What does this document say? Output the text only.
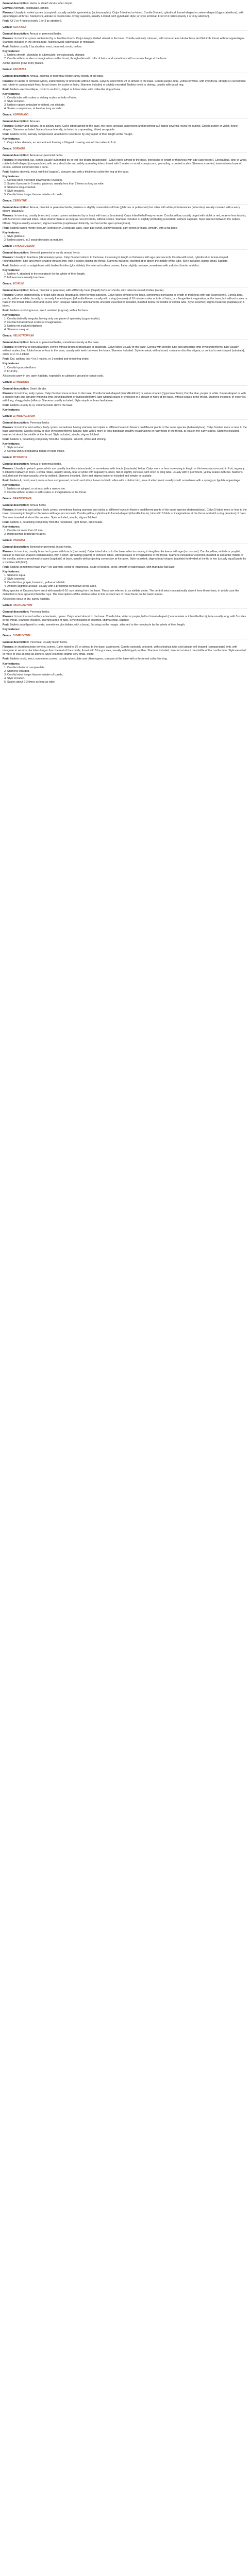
General description: Herbs or dwarf shrubs; often hispid.

Leaves: Alternate, exstipulate, simple.

Flowers: Usually in coiled cymes (scorpioid); usually radially symmetrical (actinomorphic). Calyx 5-toothed or-lobed. Corolla 5-lobed, cylindrical, funnel-shaped or salver-shaped (hypocrateriform), with appendages at throat. Stamens 5, adnate to corolla tube. Ovary superior, usually 4-lobed, with gynobasic style; or style terminal. Fruit of 4 nutlets (rarely 1 or 3 by abortion).

Fruit: Of 2 or 4 nutlets (rarely 1 or 3 by abortion).

Genus: ALKANNA

General description: Annual or perennial herbs.

Flowers: In terminal cymes subtended by or leaf-like bracts. Calyx deeply divided almost to the base. Corolla variously coloured, with more or less tubular base and flat limb; throat without appendages. Stamens included in the corolla tube. Nutlets ovoid, tuberculate or reticulate.

Fruit: Nutlets usually 2 by abortion, erect, incurved, ovoid; hollow.

Key features:
1. Nutlets smooth, glandular to tuberculate, conspicuously stipitate.
2. Corolla without scales or invaginations in the throat, though often with tufts of hairs, and sometimes with a narrow flange at the base.

All the species grow in dry places.

Genus: ANCHUSA

General description: Annual, biennial or perennial herbs; rarely woody at the base.

Flowers: In lateral or terminal cymes, subtended by or bracteate without bracts. Calyx 5-lobed from 1/3 to almost to the base. Corolla purple, blue, yellow or white, with cylindrical, straight or curved tube and rotate to campanulate limb; throat closed by scales or hairy. Stamens included or slightly exserted. Nutlets ovoid to oblong, usually with basal ring.

Fruit: Nutlets erect to oblique, ovoid to reniform, ridged or tuberculate, with collar-like ring at base.

Key features:
1. Corolla tube with scales or oblong scales, or tufts of hairs.
2. Style included.
3. Nutlets rugose, reticulate or ribbed, not stipitate.
4. Scales conspicuous, at least as long as wide.
Genus: ASPERUGO

General description: Annuals.

Flowers: Solitary and axillary, or in axillary pairs. Calyx lobed almost to the base, the lobes unequal, accrescent and becoming a 2-lipped covering round the nutlets. Corolla purple or violet, funnel-shaped. Stamens included. Nutlets borne laterally, included in a spreading, ribbed receptacle.

Fruit: Nutlets ovoid, laterally compressed, attached to receptacle by only a part of their length at the margin.

Key features:
1. Calyx lobes dentate, accrescent and forming a 2-lipped covering around the nutlets in fruit.
Genus: BORAGO

General description: Annuals or perennial herbs.

Flowers: In branched, lax, cymes usually subtended by or leaf-like bracts (bracteolate). Calyx lobed almost to the base, increasing in length or thickness with age (accrescent). Corolla blue, pink or white, rotate to bell-shaped (campanulate), with very short tube and widely spreading lobes; throat with 5 scales or small, conspicuous, protruding, exserted scales. Stamens exserted, inserted near base of corolla, anthers connivent into a cone.

Fruit: Nutlets obovoid, erect, wrinkled (rugose), concave and with a thickened collar-like ring at the base.

Key features:
1. Corolla lobes not rolled downwards (revolute).
2. Scales if present in 5 series, glabrous, usually less than 2 times as long as wide.
3. Stamens long-exserted.
4. Style included.
5. Corolla lobes longer than remainder of corolla.
Genus: CERINTHE

General description: Annual, biennial or perennial herbs, hairless or slightly covered in soft hair (glabrous or pubescent) but often with white protuberances (tubercles), usually covered with a waxy bloom (glaucous).

Flowers: In terminal, usually branched, curved cymes subtended by or bract with bracts (bracteate). Calyx lobed to half-way or more. Corolla yellow, usually tinged with violet or red, more or less tubular, with 5 erect or recurved lobes, lobes shorter than or as long as rest of corolla, without scales. Stamens included or slightly protruding (exserted); anthers sagittate. Style inserted between the nutlets, filiform. Stigma usually exserted; stigma head-like (capitate) or distinctly notched at the apex (emarginate).

Fruit: Nutlets paired merge in rough (connate) in 2 separate pairs, each pair ovoid, slightly beaked, dark brown or black, smooth, with a flat base.

Key features:
1. Style glabrous.
2. Nutlets paired, in 2 separable pairs at maturity.
Genus: CYNOGLOSSUM

General description: Biennial, perennial or rarely annual herbs.

Flowers: Usually in bractless (ebracteate) cymes. Calyx 5-lobed almost to the base, increasing in length or thickness with age (accrescent). Corolla with short, cylindrical or funnel-shaped (infundibuliform) tube and wheel-shaped (rotate) limb, with 5 scales closing the throat. Stamens included, inserted at or above the middle of the tube. Style included, stigma small, capitate.

Fruit: Nutlets ovoid to subglobose, with barbed bristles (glochidiate), the external surface convex, flat or slightly concave, sometimes with a distinct border and disc.

Key features:
1. Nutlets 4, attached to the receptacle for the whole of their length.
2. Inflorescence usually bractless.
Genus: ECHIUM

General description: Annual, biennial or perennial, with stiff bristly hairs (hispid) herbs or shrubs, with tubercle-based bristles (setae).

Flowers: Cymes subtended by or bract with bracts (bracteate), often forming panicles. Calyx lobed almost to the base, sometimes increasing in length or thickness with age (accrescent). Corolla blue, purple, yellow or white, broadly to narrowly funnel-shaped (infundibuliform), usually with a ring (annulus) of 10 minute scales or tufts of hairs, or a flange-like invagination, at the base, but without scales or hairs in the throat; lobes short and round, often unequal. Stamens with filaments unequal, exserted or included, inserted below the middle of corolla tube. Style exserted; stigma head-like (capitate) or 2-lobed.

Fruit: Nutlets ovoid-trigonous, erect, wrinkled (rugose), with a flat base.

Key features:
1. Corolla distinctly irregular, having only one plane of symmetry (zygomorphic).
2. Corolla throat without scales or invaginations.
3. Nutlets not stalked (stipitate).
4. Stamens unequal.
Genus: HELIOTROPIUM

General description: Annual or perennial herbs, sometimes woody at the base.

Flowers: In terminal or pseudoaxillary, cymes without bracts (ebracteate) or bracteate. Calyx lobed usually to the base. Corolla with slender tube and spreading limb (hypocrateriform), tube usually without scales, limb folded more or less to the base, usually with teeth between the lobes. Stamens included. Style terminal, with a broad, conical or disc-like stigma, or conical to awl-shaped (subulate); entire or 2- to 4-lobed.

Fruit: Dry, splitting into 4 or 2 nutlets, or 1-seeded and remaining entire.

Key features:
1. Corolla hypocrateriform.
2. Fruit dry.

All species grow in dry, open habitats, especially in cultivated ground or sandy soils.

Genus: LITHODORA

General description: Dwarf shrubs.

Flowers: In terminal, leafy cymes. Calyx 5-lobed more or less to the base. Corolla funnel-shaped (infundibuliform) or salver-shaped (hypocrateriform); Corolla blue, purple or white, funnel-shaped or with a slender tube and abruptly widening limb (infundibuliform or hypocrateriform) tube without scales or enclosed in a sheath of hairs at the base, without scales in the throat. Stamens included, or exserted, with long, shaggy hairs (villous). Stamens usually included. Style simple or branched above.

Fruit: Nutlets usually 1(-2), circumscissile above the base.

Key features:
Genus: LITHOSPERMUM

General description: Perennial herbs.

Flowers: In terminal and axillary, leafy cymes, sometimes having stamens and styles at different levels in flowers on different plants of the same species (heterostylous). Calyx 5-lobed more or less to the base accrescent. Corolla yellow or blue (hypocrateriform), tubular, tube with 5 more or less glandular stealthy invaginations or hairy folds in the throat, at least in the early stages. Stamens included, inserted at about the middle of the throat. Style included, simple; stigma 2-lobed.

Fruit: Nutlets 4, detaching completely from the receptacle, smooth, white and shining.

Key features:
1. Style included.
2. Corolla with 5 longitudinal bands of hairs inside.
Genus: MYOSOTIS

General description: Annual or perennial herbs.

Flowers: Usually in paired cymes which are usually bractless (ebracteate) or sometimes with bracts (bracteate) below. Calyx more or less increasing in length or thickness (accrescent) in fruit, regularly 5-lobed to halfway or more. Corolla rotate, usually slowly, blue or white with regularly 5-lobed, flat or slightly concave, with short or long tube, usually with 5 prominent, yellow scales in throat. Stamens included and the tube usually; shortly stalked. Stamens included. Style and stigma inside or included and simple or capitate.

Fruit: Nutlets 4, ovoid, erect, more or less compressed, smooth and shiny, brown to black; often with a distinct rim, area of attachment usually small, sometimes with a spongy or ligulate appendage.

Key features:
1. Nutlets not winged, or at most with a narrow rim.
2. Corolla without scales or with scales or invaginations in the throat.
Genus: NEATOSTEMA

General description: Annual herbs.

Flowers: In terminal and axillary, leafy cymes, sometimes having stamens and styles at different levels in flowers on different plants of the same species (heterostylous). Calyx 5-lobed more or less to the base, increasing in length or thickness with age (accrescent). Corolla yellow, cylindrical to funnel-shaped (infundibuliform), tube with 5 folds or invaginations at the throat and with a ring (annulus) of hairs. Stamens inserted at about the annulus. Style included, simple; stigma 2-lobed.

Fruit: Nutlets 4, detaching completely from the receptacle, light brown, tuberculate.

Key features:
1. Corolla not more than 10 mm.
2. Inflorescence bracteate to apex.
Genus: ONOSMA

General description: Biennial or perennial, hispid herbs.

Flowers: In terminal, usually branched cymes with bracts (bracteate). Calyx lobed almost to the base, often increasing in length or thickness with age (accrescent). Corolla yellow, whitish or purplish, tubular to club-like-shaped (campanulate), with 5 short, spreading (patent) or deflexed lobes, without scales or invaginations in the throat. Stamens included or exserted, inserted at about the middle of the corolla; anthers arrowhead-shaped (sagittate) at base, usually with projecting connective at the apex. Style exserted; stigma head-shaped (capitate) to divided at the tip in two (usually equal) parts by a median cleft (bifid).

Fruit: Nutlets sometimes fewer than 4 by abortion, ovoid or triqueteous, acute or beaked, erect, smooth or tuberculate, with triangular flat base.

Key features:
1. Stamens equal.
2. Style exserted.
3. Corolla blue, purple, brownish, yellow or whitish.
4. Anthers sagittate at base, usually with a projecting connective at the apex.

Many species of Onosma have erect with usually 6-10 rays arising from the base. These are referred to as stellate setae. The central seta is occasionally absent from these hairs, in which case the distinction is less apparent than the rays. The descriptions of the stellate setae in this account are of those found on the lower leaves.

All species occur in dry, sunny habitats.

Genus: PARACARYUM

General description: Perennial herbs.

Flowers: In terminal and axillary, ebracteate, cymes. Calyx lobed almost to the base. Corolla blue, violet or purple, bell or funnel-shaped (campanulate or infundibuliform), tube usually long, with 5 scales in the throat. Stamens included, inserted at top of tube. Style included or exserted, stigma small, capitate.

Fruit: Nutlets subellipsoid to ovate, sometimes glochidiate, with a broad, flat wing on the margin, attached to the receptacle by the whole of their length.

Key features:
Genus: SYMPHYTUM

General description: Perennial, usually hispid herbs.

Flowers: In short bracteate terminal cymes. Calyx lobed to 1/2 or almost to the base, accrescent. Corolla variously coloured, with cylindrical tube and tubular-bell-shaped (campanulate) limb, with triangular to semicircular lobes longer than the rest of the corolla; throat with 5 long scales, usually with fringed papillae. Stamens included, inserted at about the middle of the corolla tube. Style exserted or more or less as long as anthers. Style exserted; stigma very small, entire.

Fruit: Nutlets ovoid, erect, sometimes curved, usually tuberculate and often rugose, concave at the base with a thickened collar-like ring.

Key features:
1. Corolla tubular to campanulate.
2. Stamens included.
3. Corolla lobes longer than remainder of corolla.
4. Style included.
5. Scales about 2-3 times as long as wide.
